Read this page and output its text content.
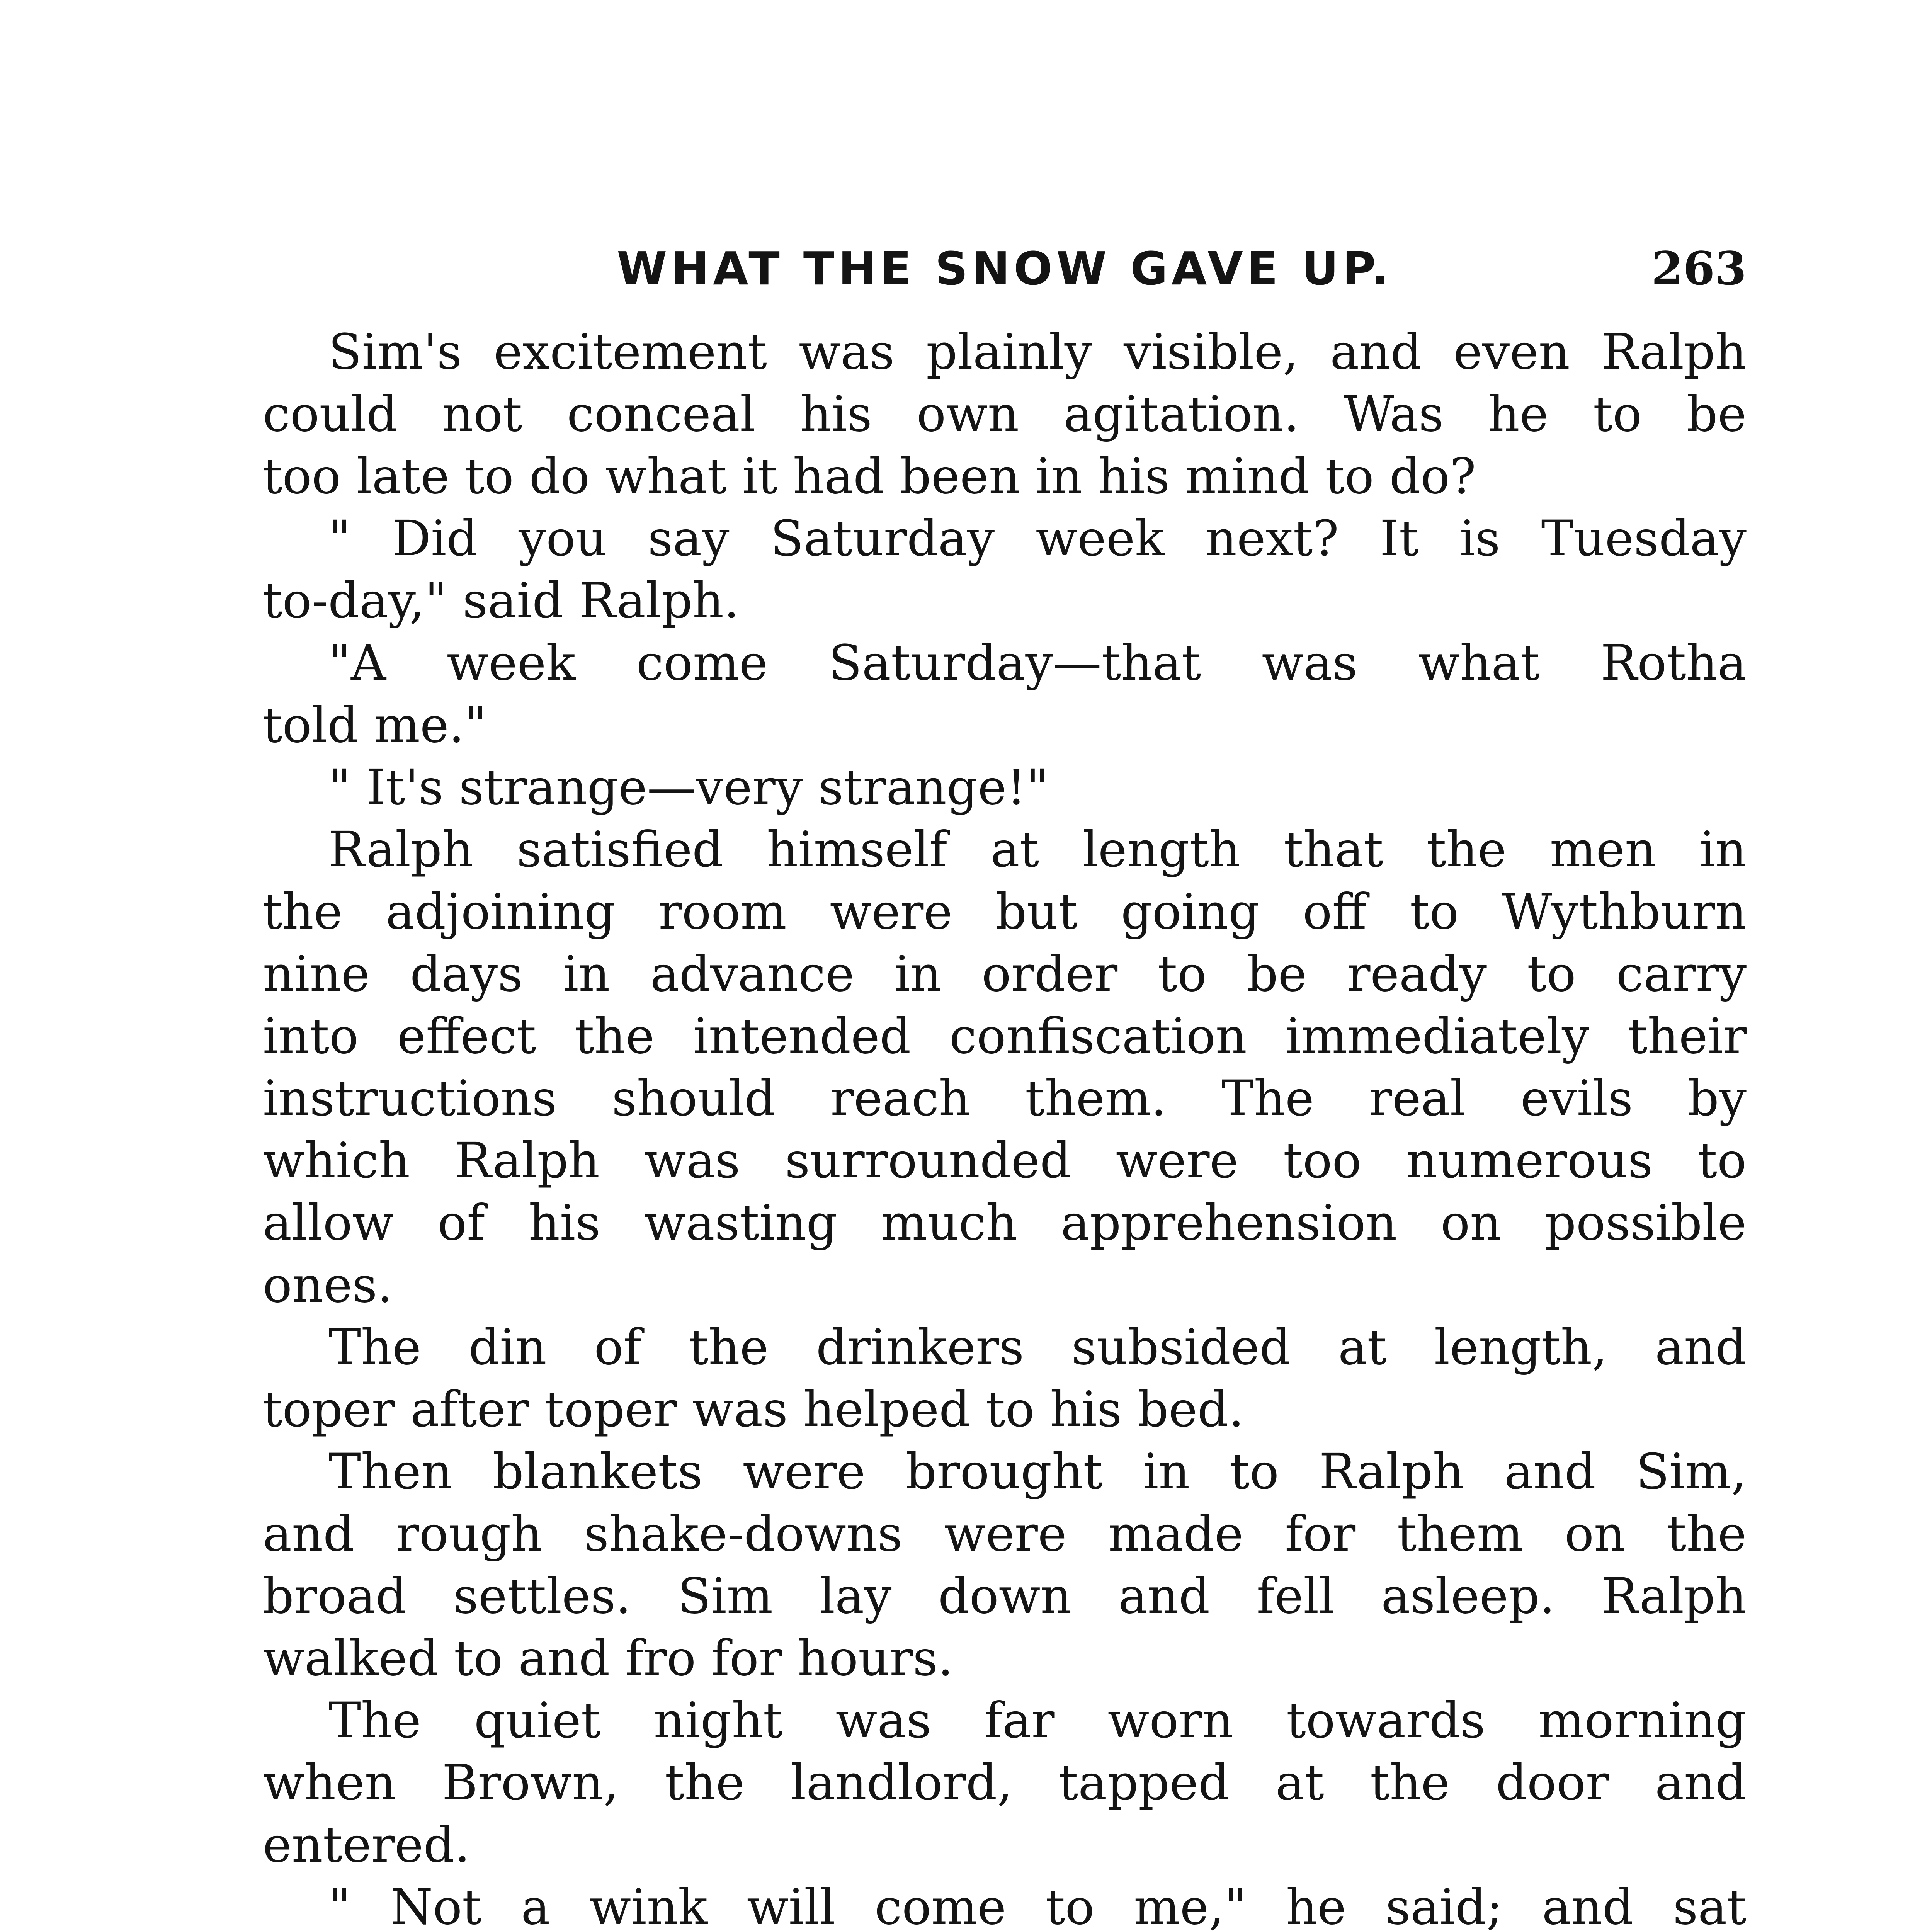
WHAT THE SNOW GAVE UP.	263
Sim's excitement was plainly visible, and even Ralph
could not conceal his own agitation. Was he to be
too late to do what it had been in his mind to do?
" Did you say Saturday week next? It is Tuesday
to-day," said Ralph.
"A week come Saturday—that was what Rotha
told me."
" It's strange—very strange!"
Ralph satisfied himself at length that the men in
the adjoining room were but going off to Wythburn
nine days in advance in order to be ready to carry
into effect the intended confiscation immediately their
instructions should reach them. The real evils by
which Ralph was surrounded were too numerous to
allow of his wasting much apprehension on possible
ones.
The din of the drinkers subsided at length, and
toper after toper was helped to his bed.
Then blankets were brought in to Ralph and Sim,
and rough shake-downs were made for them on the
broad settles. Sim lay down and fell asleep. Ralph
walked to and fro for hours.
The quiet night was far worn towards morning
when Brown, the landlord, tapped at the door and
entered.
" Not a wink will come to me," he said; and sat
